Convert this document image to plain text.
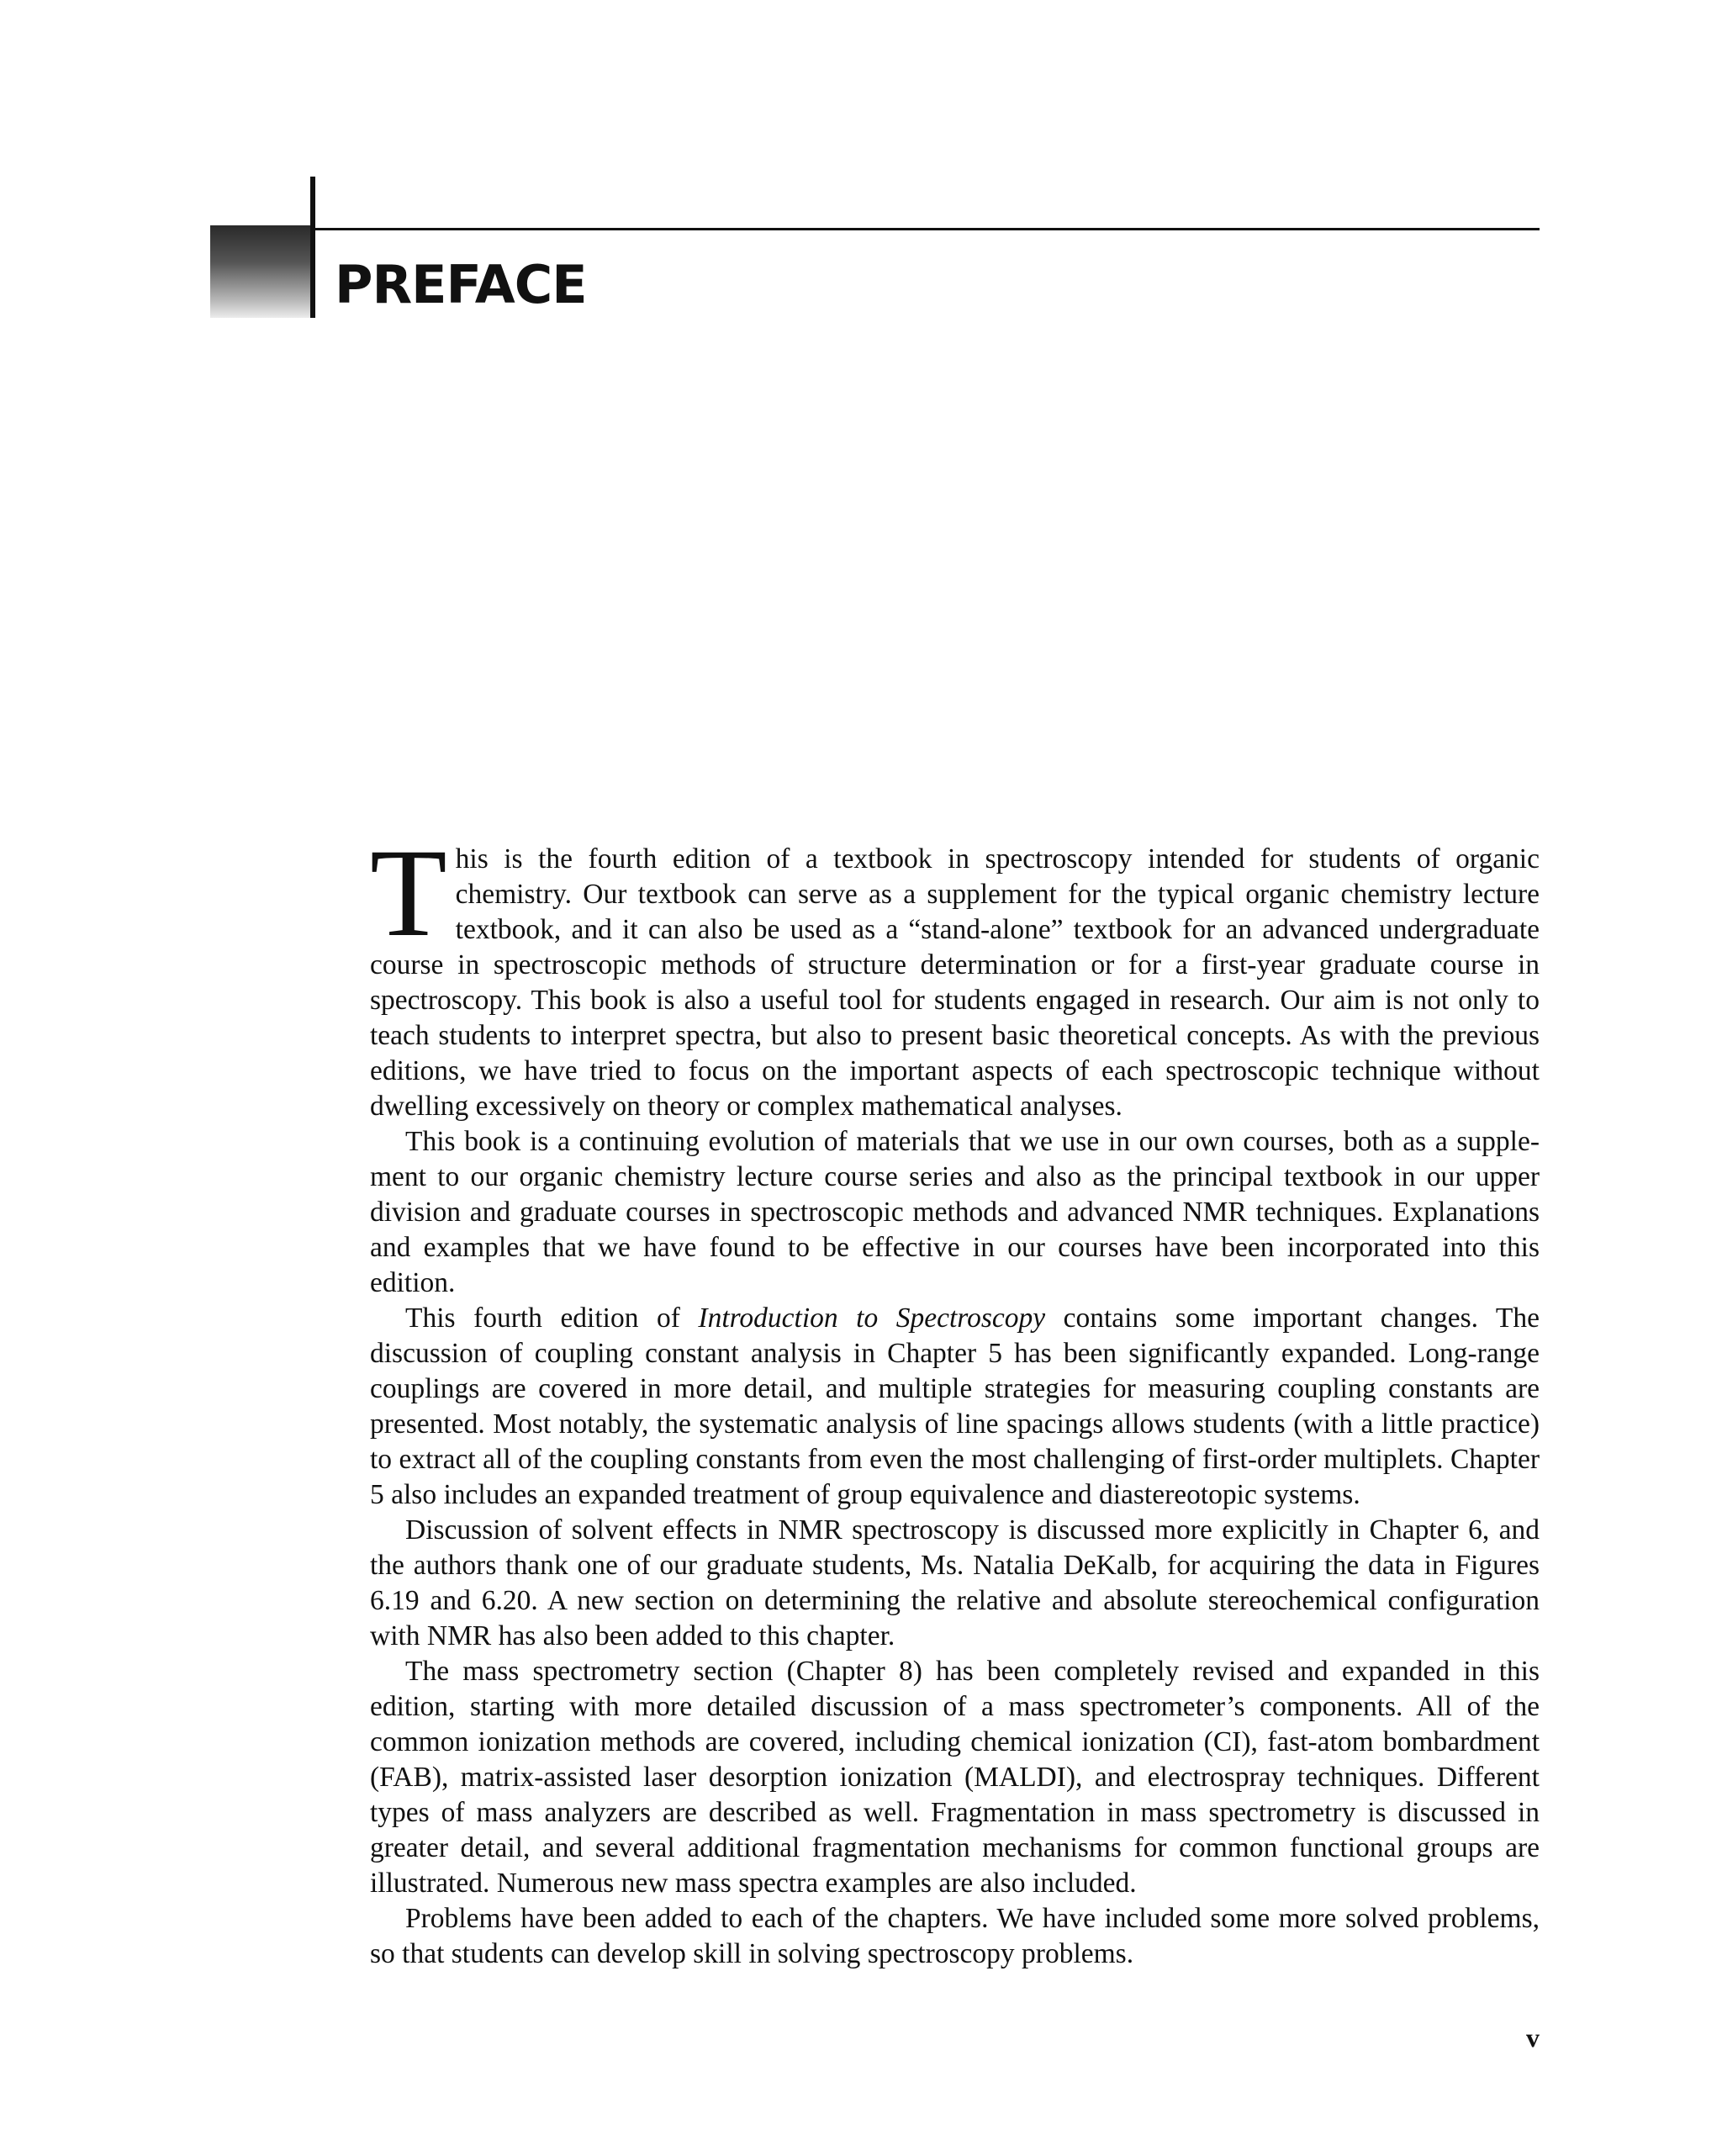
PREFACE

This is the fourth edition of a textbook in spectroscopy intended for students of organic chemistry. Our textbook can serve as a supplement for the typical organic chemistry lecture textbook, and it can also be used as a “stand-alone” textbook for an advanced undergraduate course in spectroscopic methods of structure determination or for a first-year graduate course in spectroscopy. This book is also a useful tool for students engaged in research. Our aim is not only to teach students to interpret spectra, but also to present basic theoretical concepts. As with the previous editions, we have tried to focus on the important aspects of each spectroscopic technique without dwelling excessively on theory or complex mathematical analyses.

This book is a continuing evolution of materials that we use in our own courses, both as a supplement to our organic chemistry lecture course series and also as the principal textbook in our upper division and graduate courses in spectroscopic methods and advanced NMR techniques. Explanations and examples that we have found to be effective in our courses have been incorporated into this edition.

This fourth edition of Introduction to Spectroscopy contains some important changes. The discussion of coupling constant analysis in Chapter 5 has been significantly expanded. Long-range couplings are covered in more detail, and multiple strategies for measuring coupling constants are presented. Most notably, the systematic analysis of line spacings allows students (with a little practice) to extract all of the coupling constants from even the most challenging of first-order multiplets. Chapter 5 also includes an expanded treatment of group equivalence and diastereotopic systems.

Discussion of solvent effects in NMR spectroscopy is discussed more explicitly in Chapter 6, and the authors thank one of our graduate students, Ms. Natalia DeKalb, for acquiring the data in Figures 6.19 and 6.20. A new section on determining the relative and absolute stereochemical configuration with NMR has also been added to this chapter.

The mass spectrometry section (Chapter 8) has been completely revised and expanded in this edition, starting with more detailed discussion of a mass spectrometer’s components. All of the common ionization methods are covered, including chemical ionization (CI), fast-atom bombardment (FAB), matrix-assisted laser desorption ionization (MALDI), and electrospray techniques. Different types of mass analyzers are described as well. Fragmentation in mass spectrometry is discussed in greater detail, and several additional fragmentation mechanisms for common functional groups are illustrated. Numerous new mass spectra examples are also included.

Problems have been added to each of the chapters. We have included some more solved problems, so that students can develop skill in solving spectroscopy problems.

v
